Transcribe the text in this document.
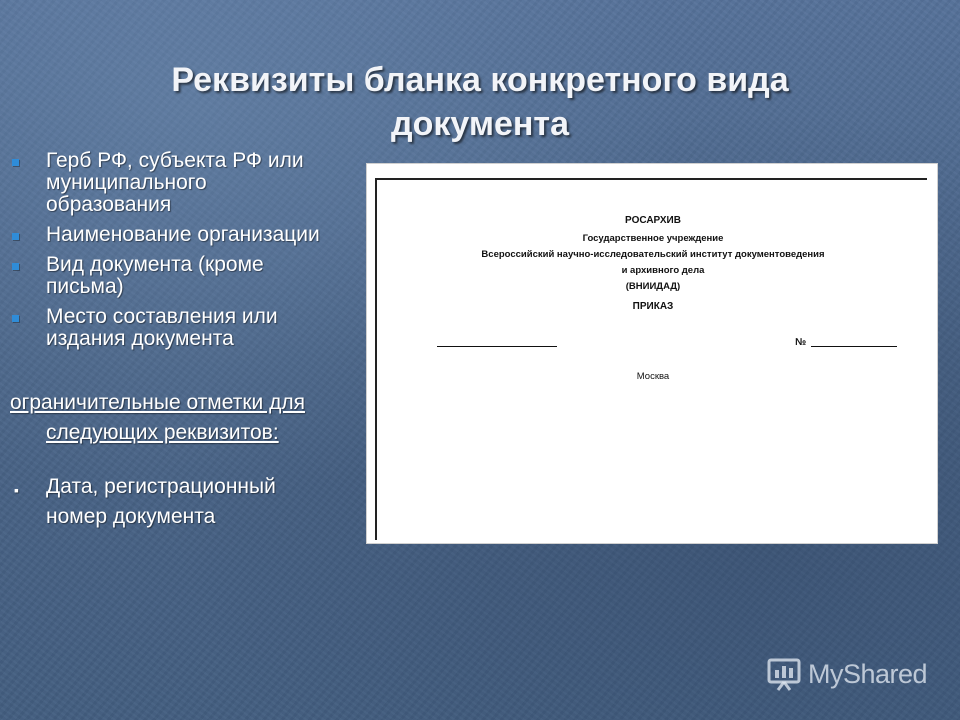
Реквизиты бланка конкретного вида
документа
Герб РФ, субъекта РФ или
муниципального
образования
Наименование организации
Вид документа (кроме
письма)
Место составления или
издания документа
ограничительные отметки для
следующих реквизитов:
▪ Дата, регистрационный
номер документа
РОСАРХИВ
Государственное учреждение
Всероссийский научно-исследовательский институт документоведения
и архивного дела
(ВНИИДАД)
ПРИКАЗ
№
Москва
MyShared
